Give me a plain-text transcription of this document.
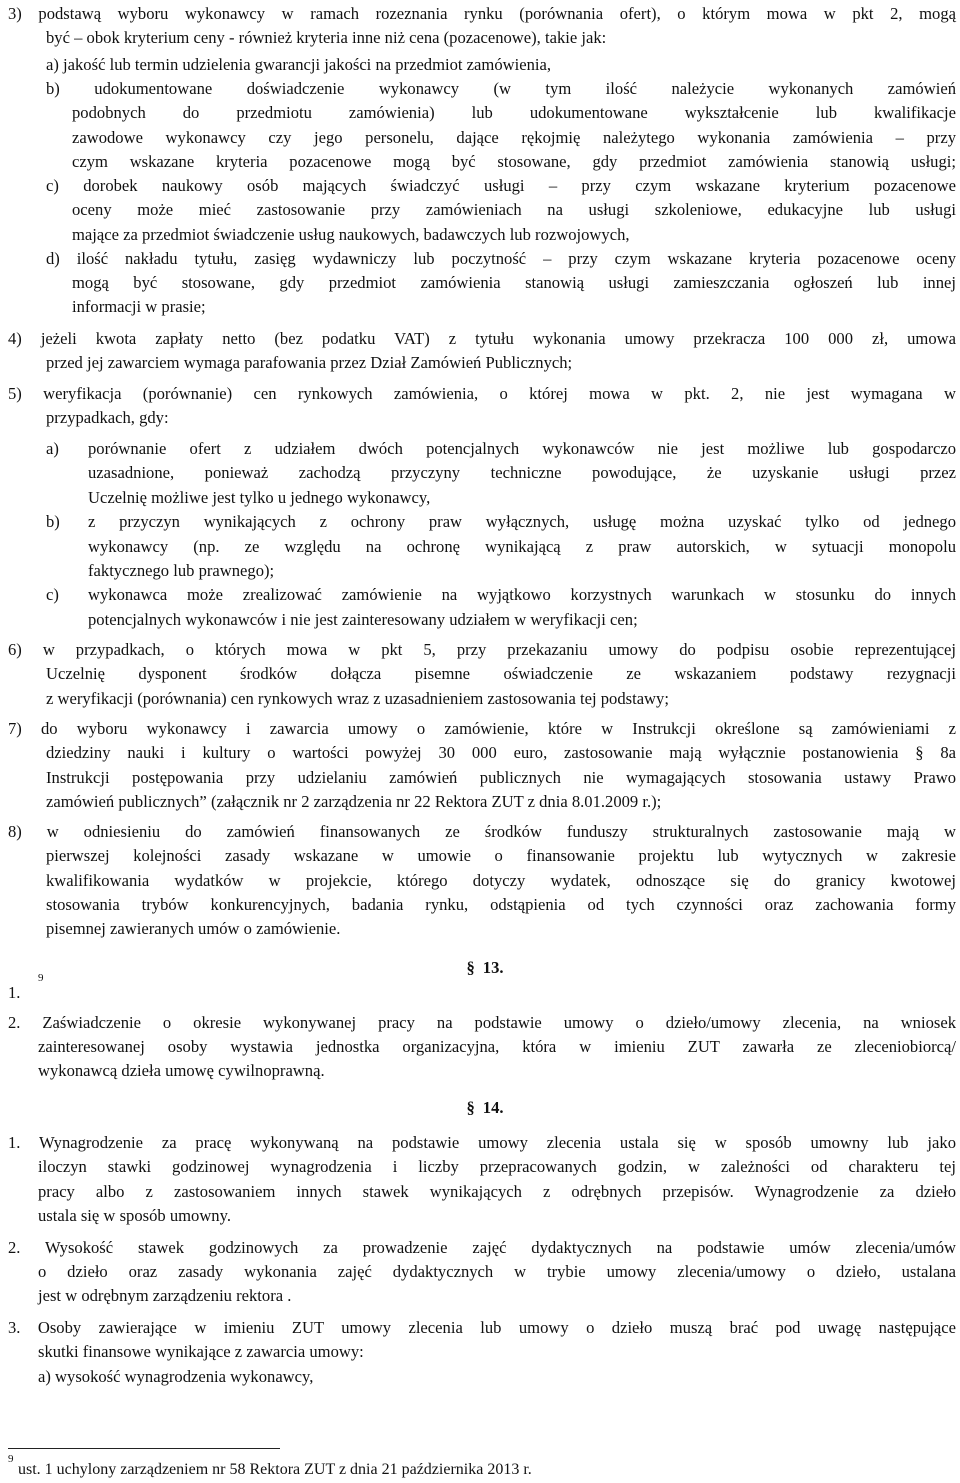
3) podstawą wyboru wykonawcy w ramach rozeznania rynku (porównania ofert), o którym mowa w pkt 2, mogą
być – obok kryterium ceny - również kryteria inne niż cena (pozacenowe), takie jak:
a) jakość lub termin udzielenia gwarancji jakości na przedmiot zamówienia,
b) udokumentowane doświadczenie wykonawcy (w tym ilość należycie wykonanych zamówień
podobnych do przedmiotu zamówienia) lub udokumentowane wykształcenie lub kwalifikacje
zawodowe wykonawcy czy jego personelu, dające rękojmię należytego wykonania zamówienia – przy
czym wskazane kryteria pozacenowe mogą być stosowane, gdy przedmiot zamówienia stanowią usługi;
c) dorobek naukowy osób mających świadczyć usługi – przy czym wskazane kryterium pozacenowe
oceny może mieć zastosowanie przy zamówieniach na usługi szkoleniowe, edukacyjne lub usługi
mające za przedmiot świadczenie usług naukowych, badawczych lub rozwojowych,
d) ilość nakładu tytułu, zasięg wydawniczy lub poczytność – przy czym wskazane kryteria pozacenowe oceny
mogą być stosowane, gdy przedmiot zamówienia stanowią usługi zamieszczania ogłoszeń lub innej
informacji w prasie;
4) jeżeli kwota zapłaty netto (bez podatku VAT) z tytułu wykonania umowy przekracza 100 000 zł, umowa
przed jej zawarciem wymaga parafowania przez Dział Zamówień Publicznych;
5) weryfikacja (porównanie) cen rynkowych zamówienia, o której mowa w pkt. 2, nie jest wymagana w
przypadkach, gdy:
a) porównanie ofert z udziałem dwóch potencjalnych wykonawców nie jest możliwe lub gospodarczo
uzasadnione, ponieważ zachodzą przyczyny techniczne powodujące, że uzyskanie usługi przez
Uczelnię możliwe jest tylko u jednego wykonawcy,
b) z przyczyn wynikających z ochrony praw wyłącznych, usługę można uzyskać tylko od jednego
wykonawcy (np. ze względu na ochronę wynikającą z praw autorskich, w sytuacji monopolu
faktycznego lub prawnego);
c) wykonawca może zrealizować zamówienie na wyjątkowo korzystnych warunkach w stosunku do innych
potencjalnych wykonawców i nie jest zainteresowany udziałem w weryfikacji cen;
6) w przypadkach, o których mowa w pkt 5, przy przekazaniu umowy do podpisu osobie reprezentującej
Uczelnię dysponent środków dołącza pisemne oświadczenie ze wskazaniem podstawy rezygnacji
z weryfikacji (porównania) cen rynkowych wraz z uzasadnieniem zastosowania tej podstawy;
7) do wyboru wykonawcy i zawarcia umowy o zamówienie, które w Instrukcji określone są zamówieniami z
dziedziny nauki i kultury o wartości powyżej 30 000 euro, zastosowanie mają wyłącznie postanowienia § 8a
Instrukcji postępowania przy udzielaniu zamówień publicznych nie wymagających stosowania ustawy Prawo
zamówień publicznych” (załącznik nr 2 zarządzenia nr 22 Rektora ZUT z dnia 8.01.2009 r.);
8) w odniesieniu do zamówień finansowanych ze środków funduszy strukturalnych zastosowanie mają w
pierwszej kolejności zasady wskazane w umowie o finansowanie projektu lub wytycznych w zakresie
kwalifikowania wydatków w projekcie, którego dotyczy wydatek, odnoszące się do granicy kwotowej
stosowania trybów konkurencyjnych, badania rynku, odstąpienia od tych czynności oraz zachowania formy
pisemnej zawieranych umów o zamówienie.
2. Zaświadczenie o okresie wykonywanej pracy na podstawie umowy o dzieło/umowy zlecenia, na wniosek
zainteresowanej osoby wystawia jednostka organizacyjna, która w imieniu ZUT zawarła ze zleceniobiorcą/
wykonawcą dzieła umowę cywilnoprawną.
1. Wynagrodzenie za pracę wykonywaną na podstawie umowy zlecenia ustala się w sposób umowny lub jako
iloczyn stawki godzinowej wynagrodzenia i liczby przepracowanych godzin, w zależności od charakteru tej
pracy albo z zastosowaniem innych stawek wynikających z odrębnych przepisów. Wynagrodzenie za dzieło
ustala się w sposób umowny.
2. Wysokość stawek godzinowych za prowadzenie zajęć dydaktycznych na podstawie umów zlecenia/umów
o dzieło oraz zasady wykonania zajęć dydaktycznych w trybie umowy zlecenia/umowy o dzieło, ustalana
jest w odrębnym zarządzeniu rektora .
3. Osoby zawierające w imieniu ZUT umowy zlecenia lub umowy o dzieło muszą brać pod uwagę następujące
skutki finansowe wynikające z zawarcia umowy:
a) wysokość wynagrodzenia wykonawcy,
§ 13.
1.
9
§ 14.
9
ust. 1 uchylony zarządzeniem nr 58 Rektora ZUT z dnia 21 października 2013 r.
